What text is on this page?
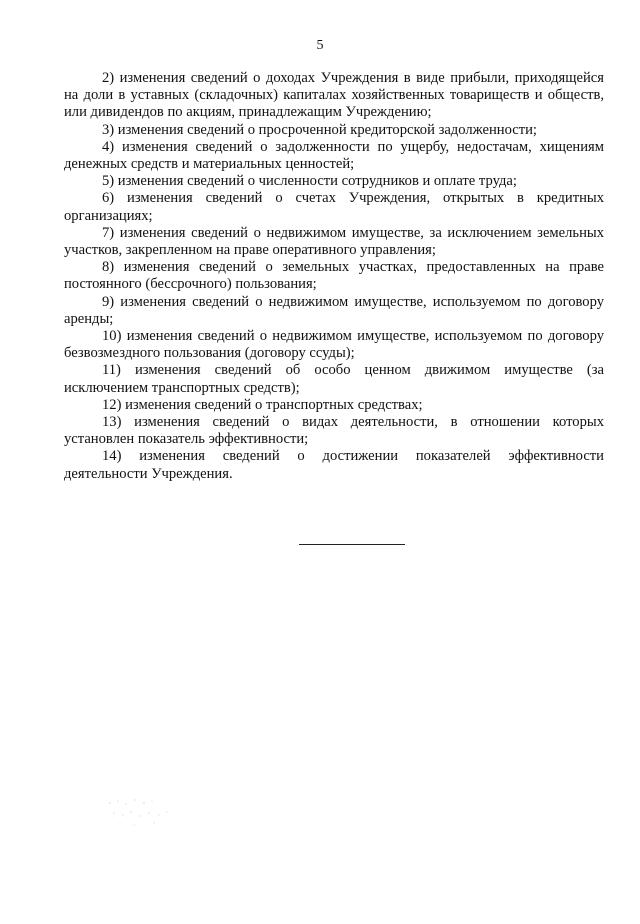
5

2) изменения сведений о доходах Учреждения в виде прибыли, приходящейся на доли в уставных (складочных) капиталах хозяйственных товариществ и обществ, или дивидендов по акциям, принадлежащим Учреждению;

3) изменения сведений о просроченной кредиторской задолженности;

4) изменения сведений о задолженности по ущербу, недостачам, хищениям денежных средств и материальных ценностей;

5) изменения сведений о численности сотрудников и оплате труда;

6) изменения сведений о счетах Учреждения, открытых в кредитных организациях;

7) изменения сведений о недвижимом имуществе, за исключением земельных участков, закрепленном на праве оперативного управления;

8) изменения сведений о земельных участках, предоставленных на праве постоянного (бессрочного) пользования;

9) изменения сведений о недвижимом имуществе, используемом по договору аренды;

10) изменения сведений о недвижимом имуществе, используемом по договору безвозмездного пользования (договору ссуды);

11) изменения сведений об особо ценном движимом имуществе (за исключением транспортных средств);

12) изменения сведений о транспортных средствах;

13) изменения сведений о видах деятельности, в отношении которых установлен показатель эффективности;

14) изменения сведений о достижении показателей эффективности деятельности Учреждения.
